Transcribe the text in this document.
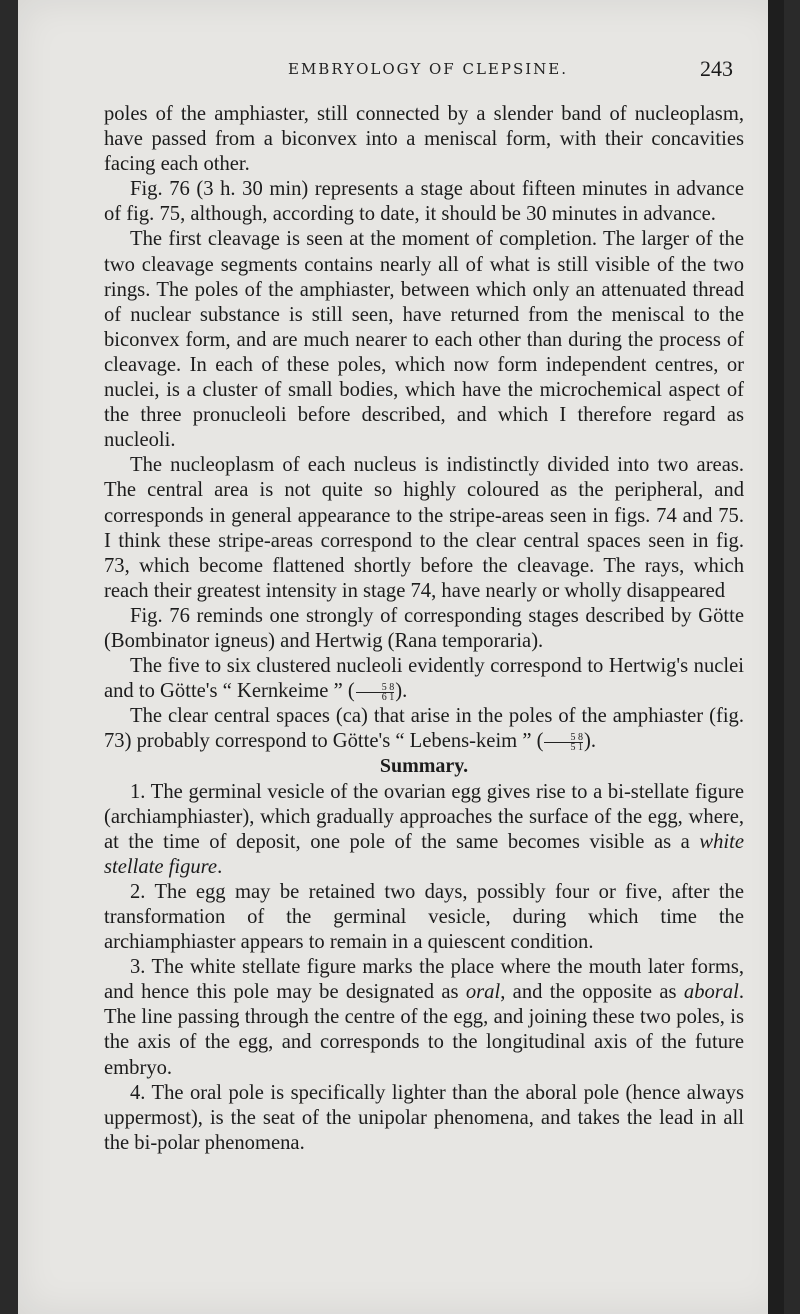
EMBRYOLOGY OF CLEPSINE.	243

poles of the amphiaster, still connected by a slender band of nucleoplasm, have passed from a biconvex into a meniscal form, with their concavities facing each other.

Fig. 76 (3 h. 30 min) represents a stage about fifteen minutes in advance of fig. 75, although, according to date, it should be 30 minutes in advance.

The first cleavage is seen at the moment of completion. The larger of the two cleavage segments contains nearly all of what is still visible of the two rings. The poles of the amphiaster, between which only an attenuated thread of nuclear substance is still seen, have returned from the meniscal to the biconvex form, and are much nearer to each other than during the process of cleavage. In each of these poles, which now form independent centres, or nuclei, is a cluster of small bodies, which have the microchemical aspect of the three pronucleoli before described, and which I therefore regard as nucleoli.

The nucleoplasm of each nucleus is indistinctly divided into two areas. The central area is not quite so highly coloured as the peripheral, and corresponds in general appearance to the stripe-areas seen in figs. 74 and 75. I think these stripe-areas correspond to the clear central spaces seen in fig. 73, which become flattened shortly before the cleavage. The rays, which reach their greatest intensity in stage 74, have nearly or wholly disappeared

Fig. 76 reminds one strongly of corresponding stages described by Götte (Bombinator igneus) and Hertwig (Rana temporaria).

The five to six clustered nucleoli evidently correspond to Hertwig's nuclei and to Götte's “ Kernkeime ” ( $\frac{5 8}{6 1}$ ).

The clear central spaces (ca) that arise in the poles of the amphiaster (fig. 73) probably correspond to Götte's “ Lebens-keim ” ( $\frac{5 8}{5 1}$ ).

Summary.

1. The germinal vesicle of the ovarian egg gives rise to a bi-stellate figure (archiamphiaster), which gradually approaches the surface of the egg, where, at the time of deposit, one pole of the same becomes visible as a white stellate figure.

2. The egg may be retained two days, possibly four or five, after the transformation of the germinal vesicle, during which time the archiamphiaster appears to remain in a quiescent condition.

3. The white stellate figure marks the place where the mouth later forms, and hence this pole may be designated as oral, and the opposite as aboral. The line passing through the centre of the egg, and joining these two poles, is the axis of the egg, and corresponds to the longitudinal axis of the future embryo.

4. The oral pole is specifically lighter than the aboral pole (hence always uppermost), is the seat of the unipolar phenomena, and takes the lead in all the bi-polar phenomena.
